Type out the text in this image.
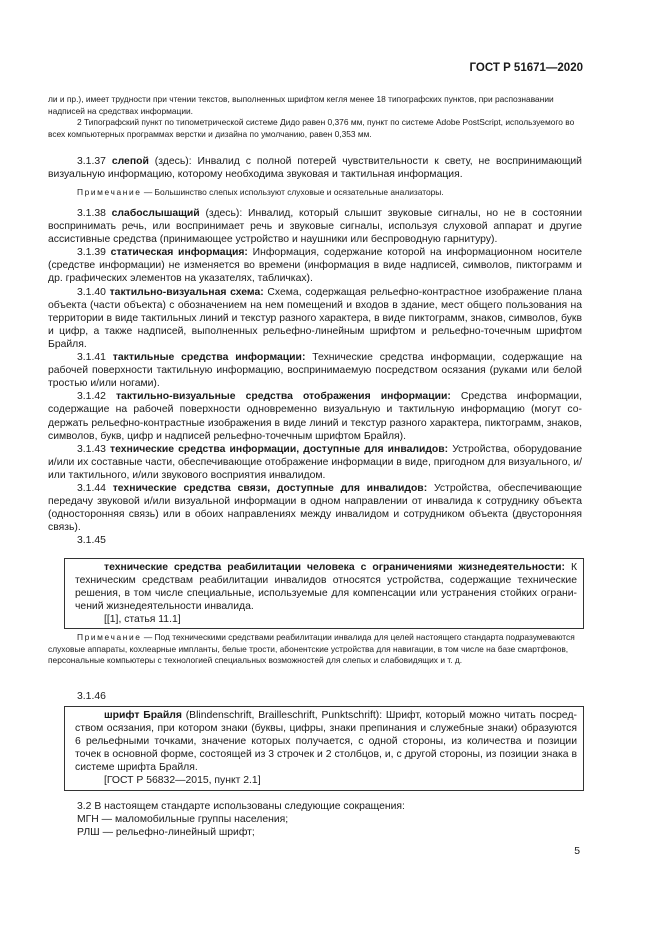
ГОСТ Р 51671—2020

ли и пр.), имеет трудности при чтении текстов, выполненных шрифтом кегля менее 18 типографских пунктов, при распознавании надписей на средствах информации.

2 Типографский пункт по типометрической системе Дидо равен 0,376 мм, пункт по системе Adobe PostScript, используемого во всех компьютерных программах верстки и дизайна по умолчанию, равен 0,353 мм.

3.1.37 слепой (здесь): Инвалид с полной потерей чувствительности к свету, не воспринимающий визуальную информацию, которому необходима звуковая и тактильная информация.

Примечание — Большинство слепых используют слуховые и осязательные анализаторы.

3.1.38 слабослышащий (здесь): Инвалид, который слышит звуковые сигналы, но не в состоянии воспринимать речь, или воспринимает речь и звуковые сигналы, используя слуховой аппарат и другие ассистивные средства (принимающее устройство и наушники или беспроводную гарнитуру).

3.1.39 статическая информация: Информация, содержание которой на информационном носителе (средстве информации) не изменяется во времени (информация в виде надписей, символов, пиктограмм и др. графических элементов на указателях, табличках).

3.1.40 тактильно-визуальная схема: Схема, содержащая рельефно-контрастное изображение плана объекта (части объекта) с обозначением на нем помещений и входов в здание, мест общего пользования на территории в виде тактильных линий и текстур разного характера, в виде пиктограмм, знаков, символов, букв и цифр, а также надписей, выполненных рельефно-линейным шрифтом и рельефно-точечным шрифтом Брайля.

3.1.41 тактильные средства информации: Технические средства информации, содержащие на рабочей поверхности тактильную информацию, воспринимаемую посредством осязания (руками или белой тростью и/или ногами).

3.1.42 тактильно-визуальные средства отображения информации: Средства информации, содержащие на рабочей поверхности одновременно визуальную и тактильную информацию (могут содержать рельефно-контрастные изображения в виде линий и текстур разного характера, пиктограмм, знаков, символов, букв, цифр и надписей рельефно-точечным шрифтом Брайля).

3.1.43 технические средства информации, доступные для инвалидов: Устройства, оборудование и/или их составные части, обеспечивающие отображение информации в виде, пригодном для визуального, и/или тактильного, и/или звукового восприятия инвалидом.

3.1.44 технические средства связи, доступные для инвалидов: Устройства, обеспечивающие передачу звуковой и/или визуальной информации в одном направлении от инвалида к сотруднику объекта (односторонняя связь) или в обоих направлениях между инвалидом и сотрудником объекта (двусторонняя связь).

3.1.45

технические средства реабилитации человека с ограничениями жизнедеятельности: К техническим средствам реабилитации инвалидов относятся устройства, содержащие технические решения, в том числе специальные, используемые для компенсации или устранения стойких ограничений жизнедеятельности инвалида.

[[1], статья 11.1]

Примечание — Под техническими средствами реабилитации инвалида для целей настоящего стандарта подразумеваются слуховые аппараты, кохлеарные импланты, белые трости, абонентские устройства для навигации, в том числе на базе смартфонов, персональные компьютеры с технологией специальных возможностей для слепых и слабовидящих и т. д.

3.1.46

шрифт Брайля (Blindenschrift, Brailleschrift, Punktschrift): Шрифт, который можно читать посредством осязания, при котором знаки (буквы, цифры, знаки препинания и служебные знаки) образуются 6 рельефными точками, значение которых получается, с одной стороны, из количества и позиции точек в основной форме, состоящей из 3 строчек и 2 столбцов, и, с другой стороны, из позиции знака в системе шрифта Брайля.

[ГОСТ Р 56832—2015, пункт 2.1]

3.2 В настоящем стандарте использованы следующие сокращения:

МГН — маломобильные группы населения;

РЛШ — рельефно-линейный шрифт;

5
